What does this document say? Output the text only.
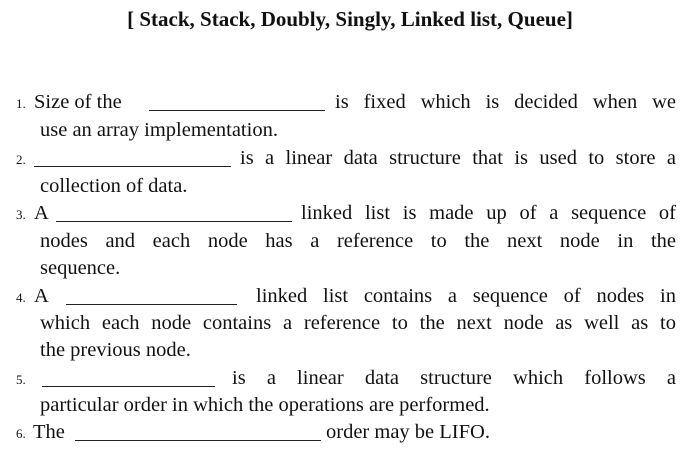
[ Stack, Stack, Doubly, Singly, Linked list, Queue]
1. Size of the	is fixed which is decided when we
use an array implementation.
2.	is a linear data structure that is used to store a
collection of data.
3. A	linked list is made up of a sequence of
nodes and each node has a reference to the next node in the
sequence.
4. A	linked list contains a sequence of nodes in
which each node contains a reference to the next node as well as to
the previous node.
5.	is a linear data structure which follows a
particular order in which the operations are performed.
6. The	order may be LIFO.
